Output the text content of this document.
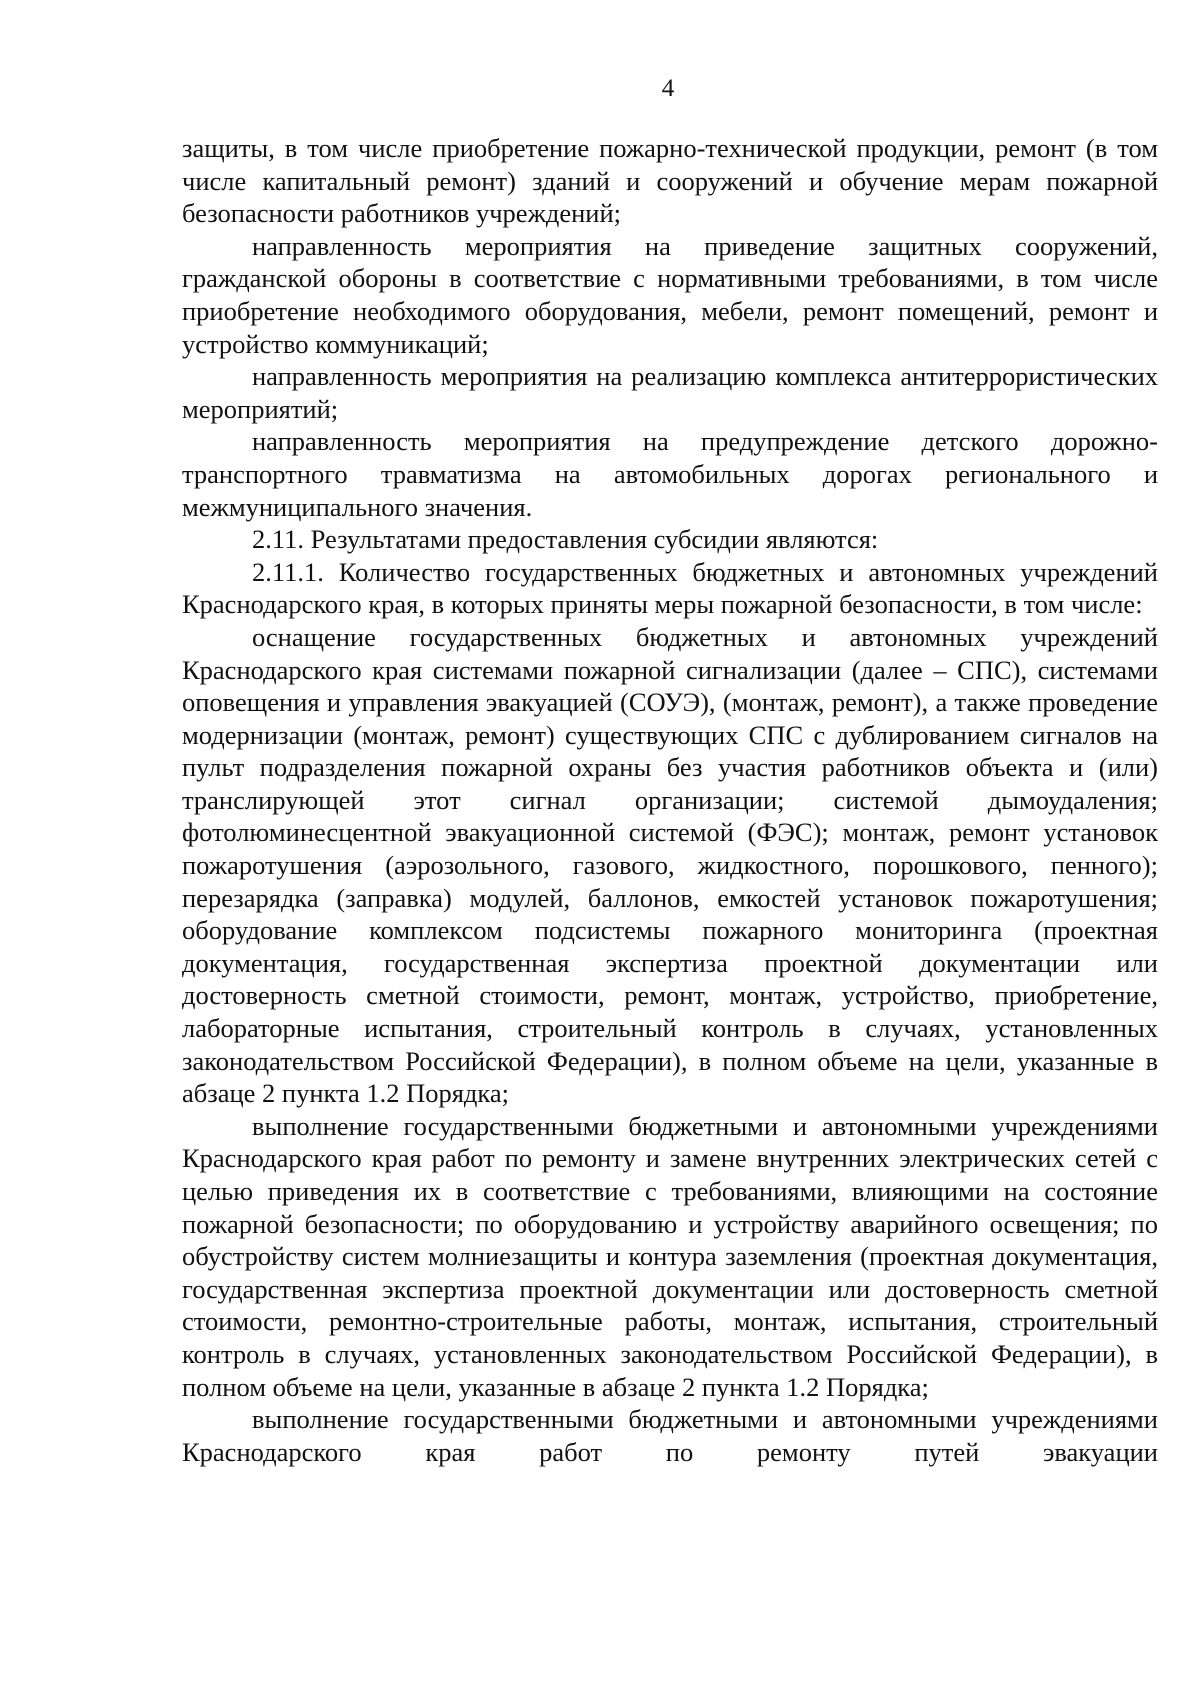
4

защиты, в том числе приобретение пожарно-технической продукции, ремонт (в том числе капитальный ремонт) зданий и сооружений и обучение мерам пожарной безопасности работников учреждений;

направленность мероприятия на приведение защитных сооружений, гражданской обороны в соответствие с нормативными требованиями, в том числе приобретение необходимого оборудования, мебели, ремонт помещений, ремонт и устройство коммуникаций;

направленность мероприятия на реализацию комплекса антитеррористических мероприятий;

направленность мероприятия на предупреждение детского дорожно-транспортного травматизма на автомобильных дорогах регионального и межмуниципального значения.

2.11. Результатами предоставления субсидии являются:

2.11.1. Количество государственных бюджетных и автономных учреждений Краснодарского края, в которых приняты меры пожарной безопасности, в том числе:

оснащение государственных бюджетных и автономных учреждений Краснодарского края системами пожарной сигнализации (далее – СПС), системами оповещения и управления эвакуацией (СОУЭ), (монтаж, ремонт), а также проведение модернизации (монтаж, ремонт) существующих СПС с дублированием сигналов на пульт подразделения пожарной охраны без участия работников объекта и (или) транслирующей этот сигнал организации; системой дымоудаления; фотолюминесцентной эвакуационной системой (ФЭС); монтаж, ремонт установок пожаротушения (аэрозольного, газового, жидкостного, порошкового, пенного); перезарядка (заправка) модулей, баллонов, емкостей установок пожаротушения; оборудование комплексом подсистемы пожарного мониторинга (проектная документация, государственная экспертиза проектной документации или достоверность сметной стоимости, ремонт, монтаж, устройство, приобретение, лабораторные испытания, строительный контроль в случаях, установленных законодательством Российской Федерации), в полном объеме на цели, указанные в абзаце 2 пункта 1.2 Порядка;

выполнение государственными бюджетными и автономными учреждениями Краснодарского края работ по ремонту и замене внутренних электрических сетей с целью приведения их в соответствие с требованиями, влияющими на состояние пожарной безопасности; по оборудованию и устройству аварийного освещения; по обустройству систем молниезащиты и контура заземления (проектная документация, государственная экспертиза проектной документации или достоверность сметной стоимости, ремонтно-строительные работы, монтаж, испытания, строительный контроль в случаях, установленных законодательством Российской Федерации), в полном объеме на цели, указанные в абзаце 2 пункта 1.2 Порядка;

выполнение государственными бюджетными и автономными учреждениями Краснодарского края работ по ремонту путей эвакуации
